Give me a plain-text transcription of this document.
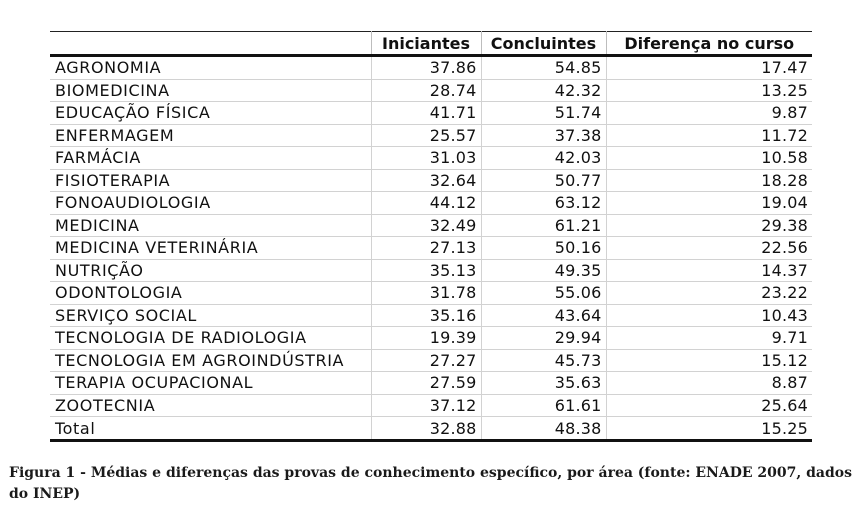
	Iniciantes	Concluintes	Diferença no curso
AGRONOMIA	37.86	54.85	17.47
BIOMEDICINA	28.74	42.32	13.25
EDUCAÇÃO FÍSICA	41.71	51.74	9.87
ENFERMAGEM	25.57	37.38	11.72
FARMÁCIA	31.03	42.03	10.58
FISIOTERAPIA	32.64	50.77	18.28
FONOAUDIOLOGIA	44.12	63.12	19.04
MEDICINA	32.49	61.21	29.38
MEDICINA VETERINÁRIA	27.13	50.16	22.56
NUTRIÇÃO	35.13	49.35	14.37
ODONTOLOGIA	31.78	55.06	23.22
SERVIÇO SOCIAL	35.16	43.64	10.43
TECNOLOGIA DE RADIOLOGIA	19.39	29.94	9.71
TECNOLOGIA EM AGROINDÚSTRIA	27.27	45.73	15.12
TERAPIA OCUPACIONAL	27.59	35.63	8.87
ZOOTECNIA	37.12	61.61	25.64
Total	32.88	48.38	15.25
Figura 1 - Médias e diferenças das provas de conhecimento específico, por área (fonte: ENADE 2007, dados do INEP)
